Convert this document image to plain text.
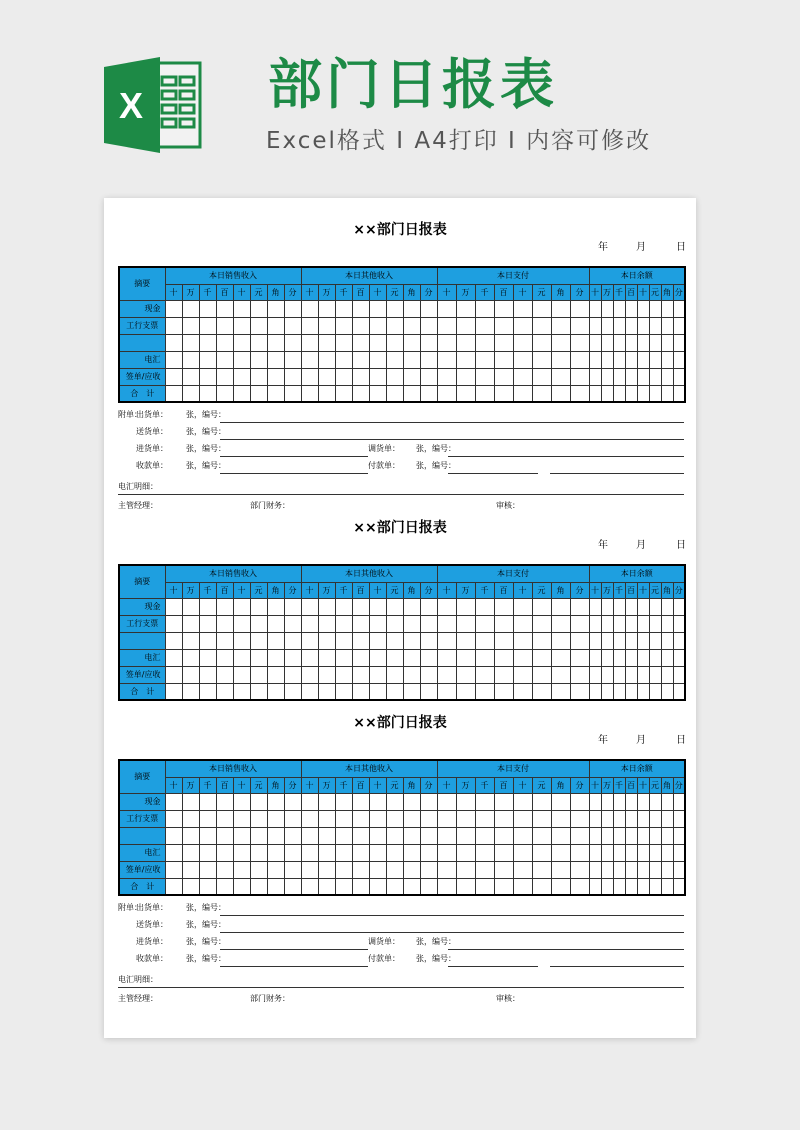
X 部门日报表
Excel格式 I A4打印 I 内容可修改
××部门日报表
年	月	日
摘要	本日销售收入								本日其他收入								本日支付								本日余额							
	十	万	千	百	十	元	角	分	十	万	千	百	十	元	角	分	十	万	千	百	十	元	角	分	十	万	千	百	十	元	角	分
现金																																
工行支票																																

电汇																																
签单/应收																																
合　计																																
附单：
出货单： 张，编号：
送货单： 张，编号：
进货单： 张，编号：	调货单： 张，编号：
收款单： 张，编号：	付款单： 张，编号：
电汇明细：
主管经理：	部门财务：	审核：
××部门日报表
年	月	日
摘要	本日销售收入								本日其他收入								本日支付								本日余额							
	十	万	千	百	十	元	角	分	十	万	千	百	十	元	角	分	十	万	千	百	十	元	角	分	十	万	千	百	十	元	角	分
现金																																
工行支票																																

电汇																																
签单/应收																																
合　计																																
××部门日报表
年	月	日
摘要	本日销售收入								本日其他收入								本日支付								本日余额							
	十	万	千	百	十	元	角	分	十	万	千	百	十	元	角	分	十	万	千	百	十	元	角	分	十	万	千	百	十	元	角	分
现金																																
工行支票																																

电汇																																
签单/应收																																
合　计																																
附单：
出货单： 张，编号：
送货单： 张，编号：
进货单： 张，编号：	调货单： 张，编号：
收款单： 张，编号：	付款单： 张，编号：
电汇明细：
主管经理：	部门财务：	审核：
